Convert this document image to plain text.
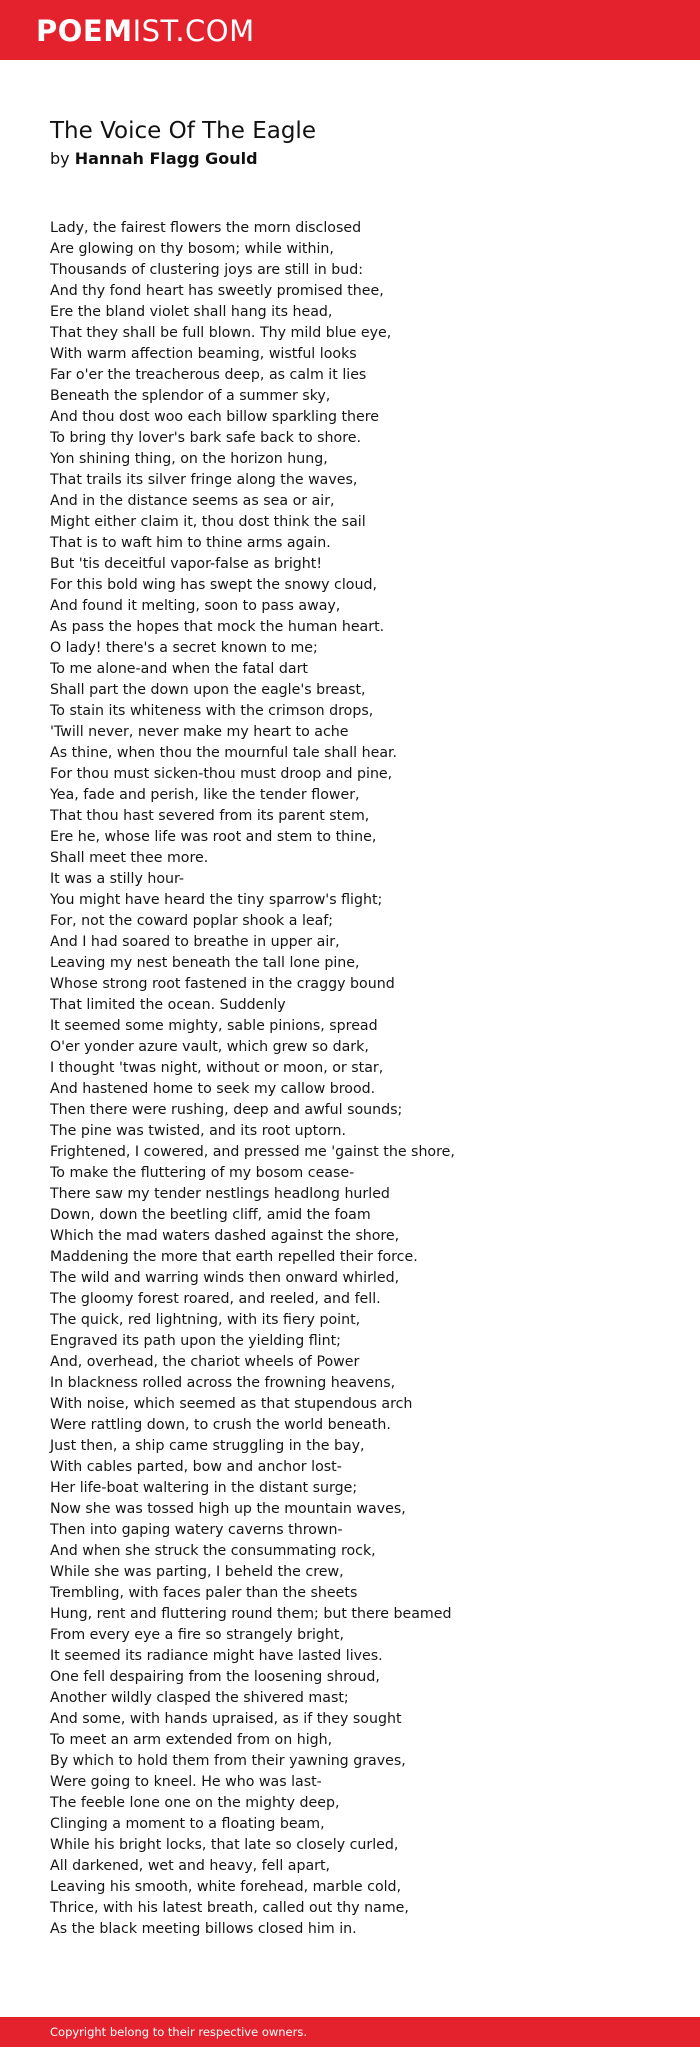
POEMIST.COM
The Voice Of The Eagle
by Hannah Flagg Gould
Lady, the fairest flowers the morn disclosed
Are glowing on thy bosom; while within,
Thousands of clustering joys are still in bud:
And thy fond heart has sweetly promised thee,
Ere the bland violet shall hang its head,
That they shall be full blown. Thy mild blue eye,
With warm affection beaming, wistful looks
Far o'er the treacherous deep, as calm it lies
Beneath the splendor of a summer sky,
And thou dost woo each billow sparkling there
To bring thy lover's bark safe back to shore.
Yon shining thing, on the horizon hung,
That trails its silver fringe along the waves,
And in the distance seems as sea or air,
Might either claim it, thou dost think the sail
That is to waft him to thine arms again.
But 'tis deceitful vapor-false as bright!
For this bold wing has swept the snowy cloud,
And found it melting, soon to pass away,
As pass the hopes that mock the human heart.
O lady! there's a secret known to me;
To me alone-and when the fatal dart
Shall part the down upon the eagle's breast,
To stain its whiteness with the crimson drops,
'Twill never, never make my heart to ache
As thine, when thou the mournful tale shall hear.
For thou must sicken-thou must droop and pine,
Yea, fade and perish, like the tender flower,
That thou hast severed from its parent stem,
Ere he, whose life was root and stem to thine,
Shall meet thee more.
It was a stilly hour-
You might have heard the tiny sparrow's flight;
For, not the coward poplar shook a leaf;
And I had soared to breathe in upper air,
Leaving my nest beneath the tall lone pine,
Whose strong root fastened in the craggy bound
That limited the ocean. Suddenly
It seemed some mighty, sable pinions, spread
O'er yonder azure vault, which grew so dark,
I thought 'twas night, without or moon, or star,
And hastened home to seek my callow brood.
Then there were rushing, deep and awful sounds;
The pine was twisted, and its root uptorn.
Frightened, I cowered, and pressed me 'gainst the shore,
To make the fluttering of my bosom cease-
There saw my tender nestlings headlong hurled
Down, down the beetling cliff, amid the foam
Which the mad waters dashed against the shore,
Maddening the more that earth repelled their force.
The wild and warring winds then onward whirled,
The gloomy forest roared, and reeled, and fell.
The quick, red lightning, with its fiery point,
Engraved its path upon the yielding flint;
And, overhead, the chariot wheels of Power
In blackness rolled across the frowning heavens,
With noise, which seemed as that stupendous arch
Were rattling down, to crush the world beneath.
Just then, a ship came struggling in the bay,
With cables parted, bow and anchor lost-
Her life-boat waltering in the distant surge;
Now she was tossed high up the mountain waves,
Then into gaping watery caverns thrown-
And when she struck the consummating rock,
While she was parting, I beheld the crew,
Trembling, with faces paler than the sheets
Hung, rent and fluttering round them; but there beamed
From every eye a fire so strangely bright,
It seemed its radiance might have lasted lives.
One fell despairing from the loosening shroud,
Another wildly clasped the shivered mast;
And some, with hands upraised, as if they sought
To meet an arm extended from on high,
By which to hold them from their yawning graves,
Were going to kneel. He who was last-
The feeble lone one on the mighty deep,
Clinging a moment to a floating beam,
While his bright locks, that late so closely curled,
All darkened, wet and heavy, fell apart,
Leaving his smooth, white forehead, marble cold,
Thrice, with his latest breath, called out thy name,
As the black meeting billows closed him in.
Copyright belong to their respective owners.
